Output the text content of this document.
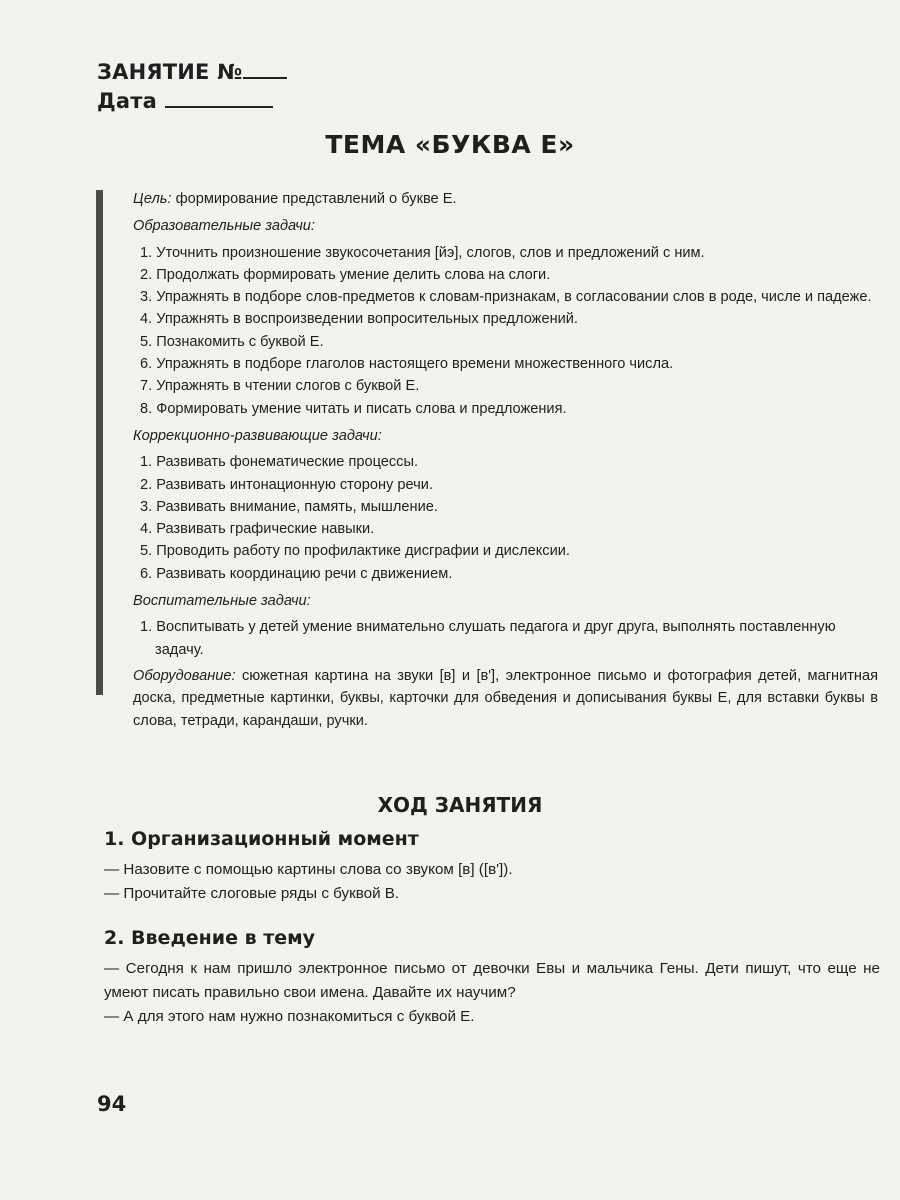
ЗАНЯТИЕ №
Дата
ТЕМА «БУКВА Е»

Цель: формирование представлений о букве Е.

Образовательные задачи:

1. Уточнить произношение звукосочетания [йэ], слогов, слов и предложений с ним.
2. Продолжать формировать умение делить слова на слоги.
3. Упражнять в подборе слов-предметов к словам-признакам, в согласовании слов в роде, числе и падеже.
4. Упражнять в воспроизведении вопросительных предложений.
5. Познакомить с буквой Е.
6. Упражнять в подборе глаголов настоящего времени множественного числа.
7. Упражнять в чтении слогов с буквой Е.
8. Формировать умение читать и писать слова и предложения.

Коррекционно-развивающие задачи:

1. Развивать фонематические процессы.
2. Развивать интонационную сторону речи.
3. Развивать внимание, память, мышление.
4. Развивать графические навыки.
5. Проводить работу по профилактике дисграфии и дислексии.
6. Развивать координацию речи с движением.

Воспитательные задачи:

1. Воспитывать у детей умение внимательно слушать педагога и друг друга, выполнять поставленную задачу.

Оборудование: сюжетная картина на звуки [в] и [в'], электронное письмо и фотография детей, магнитная доска, предметные картинки, буквы, карточки для обведения и дописывания буквы Е, для вставки буквы в слова, тетради, карандаши, ручки.

ХОД ЗАНЯТИЯ
1. Организационный момент

— Назовите с помощью картины слова со звуком [в] ([в']).

— Прочитайте слоговые ряды с буквой В.

2. Введение в тему

— Сегодня к нам пришло электронное письмо от девочки Евы и мальчика Гены. Дети пишут, что еще не умеют писать правильно свои имена. Давайте их научим?

— А для этого нам нужно познакомиться с буквой Е.

94
